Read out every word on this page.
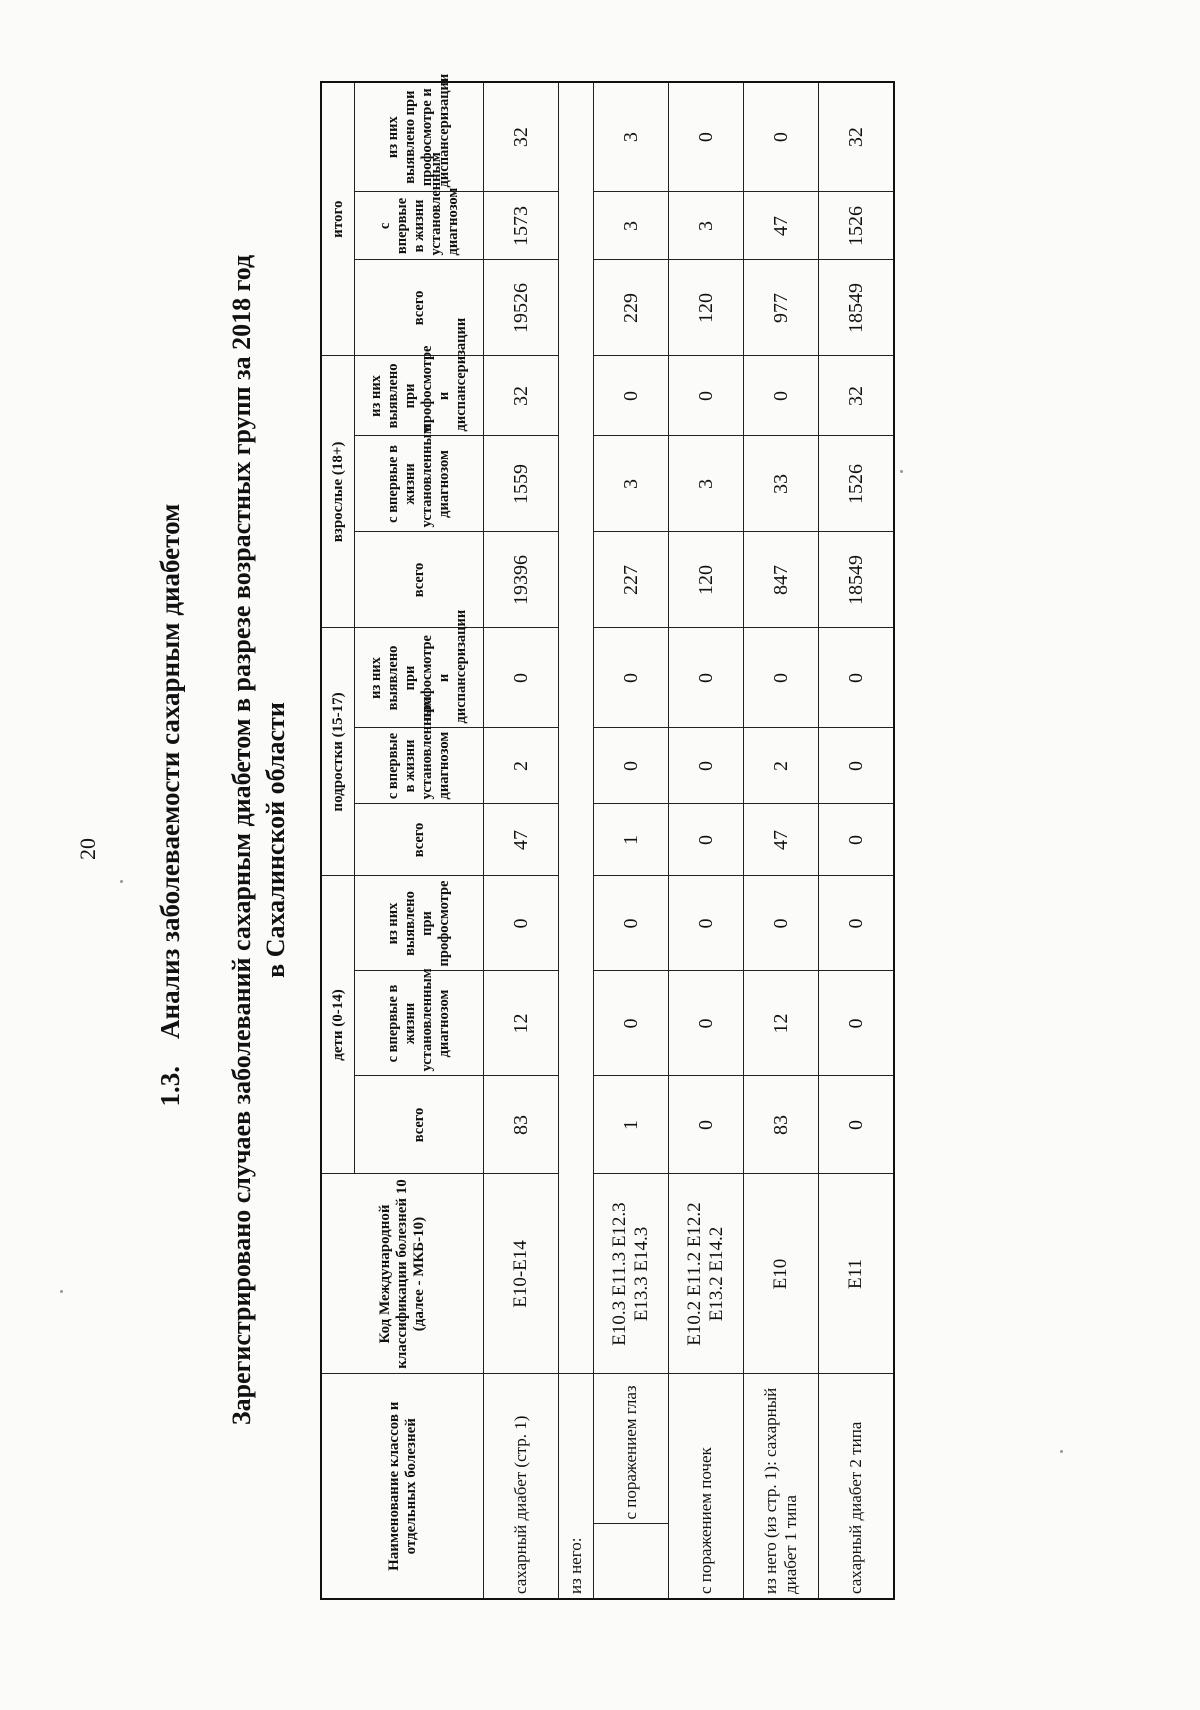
20
1.3.    Анализ заболеваемости сахарным диабетом Зарегистрировано случаев заболеваний сахарным диабетом в разрезе возрастных групп за 2018 год в Сахалинской области
Наименование классов и отдельных болезней		Код Международной классификации болезней 10 (далее - МКБ-10)	дети (0-14)			подростки (15-17)			взрослые (18+)			итого		
			всего	с впервые в жизни установленным диагнозом	из них выявлено при профосмотре	всего	с впервые в жизни установленным диагнозом	из них выявлено при профосмотре и диспансеризации	всего	с впервые в жизни установленным диагнозом	из них выявлено при профосмотре и диспансеризации	всего	с впервые в жизни установленным диагнозом	из них выявлено при профосмотре и диспансеризации
сахарный диабет (стр. 1)		Е10-Е14	83	12	0	47	2	0	19396	1559	32	19526	1573	32
из него:														
	с поражением глаз	Е10.3 Е11.3 Е12.3 Е13.3 Е14.3	1	0	0	1	0	0	227	3	0	229	3	3
с поражением почек		Е10.2 Е11.2 Е12.2 Е13.2 Е14.2	0	0	0	0	0	0	120	3	0	120	3	0
из него (из стр. 1): сахарный диабет 1 типа		Е10	83	12	0	47	2	0	847	33	0	977	47	0
сахарный диабет 2 типа		Е11	0	0	0	0	0	0	18549	1526	32	18549	1526	32
